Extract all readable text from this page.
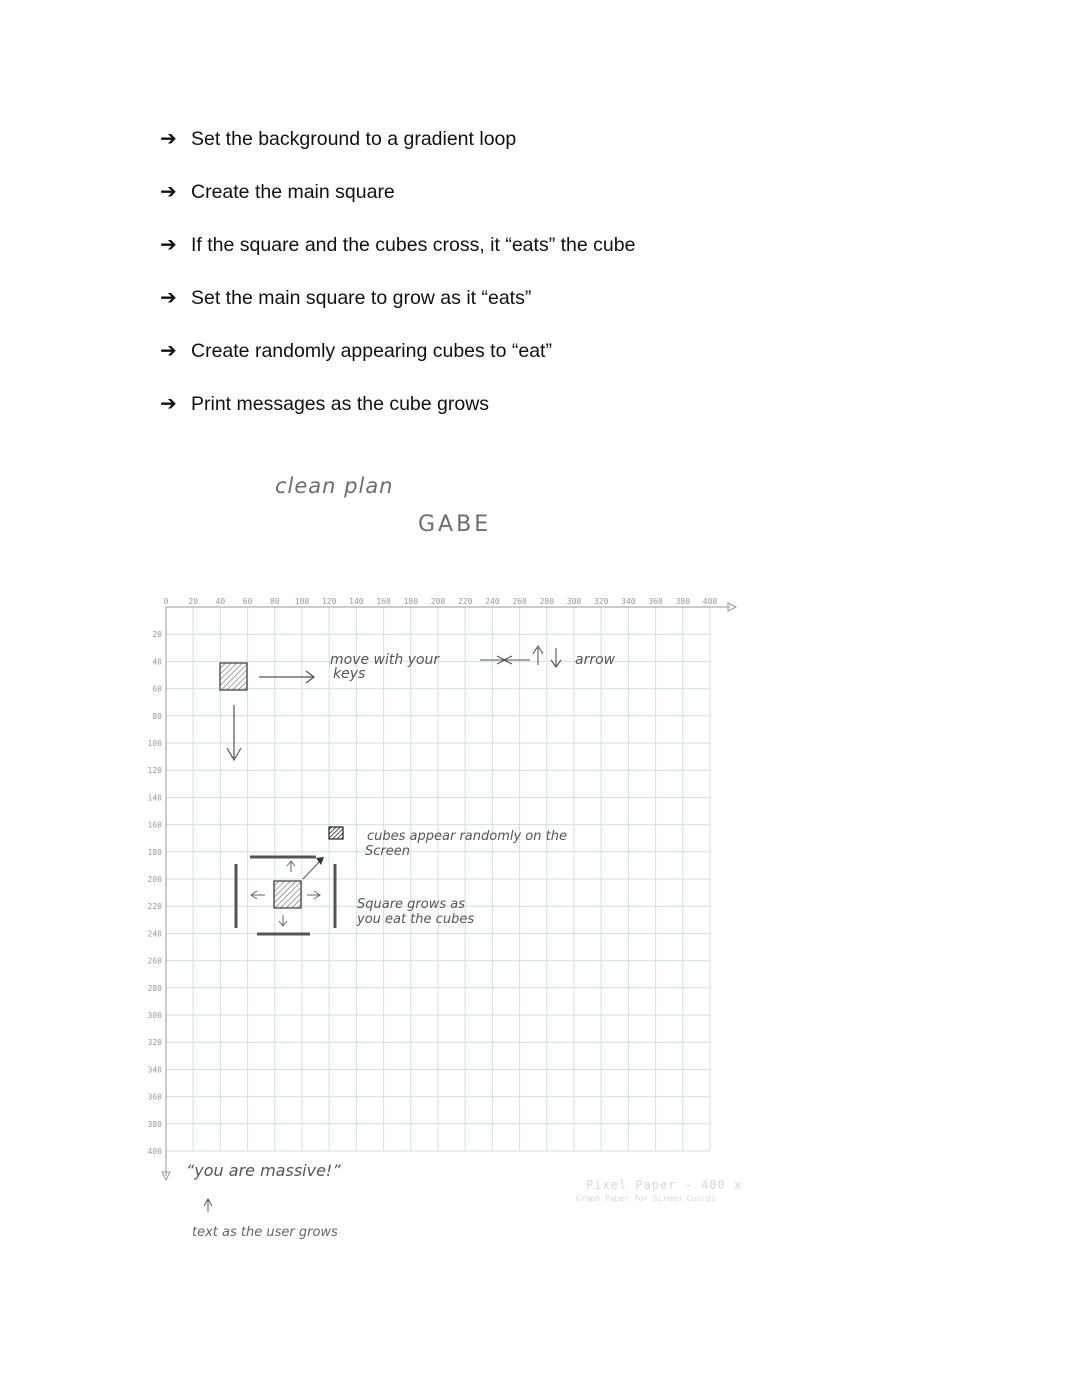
➔ Set the background to a gradient loop
➔ Create the main square
➔ If the square and the cubes cross, it “eats” the cube
➔ Set the main square to grow as it “eats”
➔ Create randomly appearing cubes to “eat”
➔ Print messages as the cube grows
clean plan
GABE
0 20 40 60 80 100 120 140 160 180 200 220 240 260 280 300 320 340 360 380 400
20
40
60
80
100
120
140
160
180
200
220
240
260
280
300
320
340
360
380
400
move with your	arrow
keys
cubes appear randomly on the
Screen
Square grows as
you eat the cubes
“you are massive!”
text as the user grows
Pixel Paper - 400 x
Graph Paper for Screen Coordi
